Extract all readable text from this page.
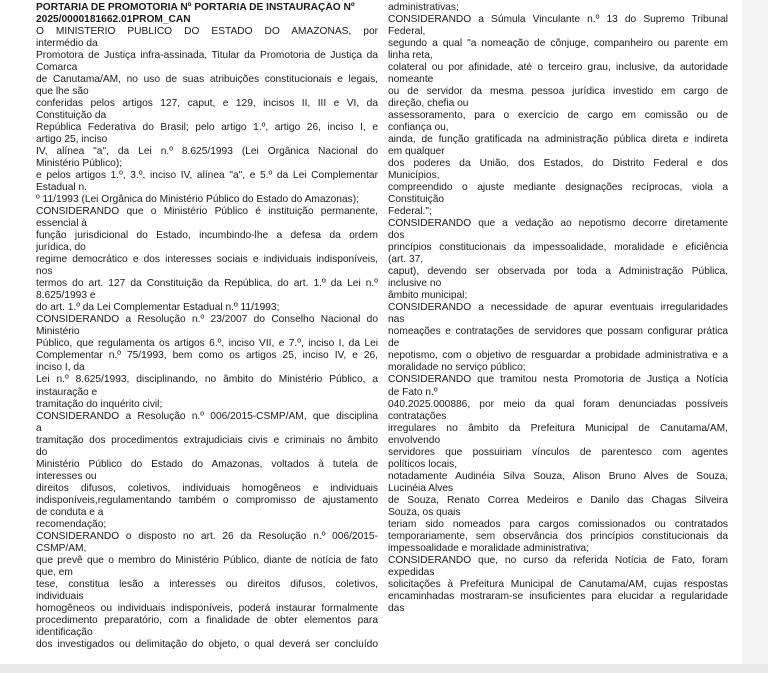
PORTARIA DE PROMOTORIA Nº PORTARIA DE INSTAURAÇÃO Nº
2025/0000181662.01PROM_CAN
O MINISTÉRIO PÚBLICO DO ESTADO DO AMAZONAS, por
intermédio da
Promotora de Justiça infra-assinada, Titular da Promotoria de Justiça da
Comarca
de Canutama/AM, no uso de suas atribuições constitucionais e legais,
que lhe são
conferidas pelos artigos 127, caput, e 129, incisos II, III e VI, da
Constituição da
República Federativa do Brasil; pelo artigo 1.º, artigo 26, inciso I, e
artigo 25, inciso
IV, alínea "a", da Lei n.º 8.625/1993 (Lei Orgânica Nacional do
Ministério Público);
e pelos artigos 1.º, 3.º, inciso IV, alínea "a", e 5.º da Lei Complementar
Estadual n.
º 11/1993 (Lei Orgânica do Ministério Público do Estado do Amazonas);
CONSIDERANDO que o Ministério Público é instituição permanente,
essencial à
função jurisdicional do Estado, incumbindo-lhe a defesa da ordem
jurídica, do
regime democrático e dos interesses sociais e individuais indisponíveis,
nos
termos do art. 127 da Constituição da República, do art. 1.º da Lei n.º
8.625/1993 e
do art. 1.º da Lei Complementar Estadual n.º 11/1993;
CONSIDERANDO a Resolução n.º 23/2007 do Conselho Nacional do
Ministério
Público, que regulamenta os artigos 6.º, inciso VII, e 7.º, inciso I, da Lei
Complementar n.º 75/1993, bem como os artigos 25, inciso IV, e 26,
inciso I, da
Lei n.º 8.625/1993, disciplinando, no âmbito do Ministério Público, a
instauração e
tramitação do inquérito civil;
CONSIDERANDO a Resolução n.º 006/2015-CSMP/AM, que disciplina
a
tramitação dos procedimentos extrajudiciais civis e criminais no âmbito
do
Ministério Público do Estado do Amazonas, voltados à tutela de
interesses ou
direitos difusos, coletivos, individuais homogêneos e individuais
indisponíveis,regulamentando também o compromisso de ajustamento
de conduta e a
recomendação;
CONSIDERANDO o disposto no art. 26 da Resolução n.º 006/2015-
CSMP/AM,
que prevê que o membro do Ministério Público, diante de notícia de fato
que, em
tese, constitua lesão a interesses ou direitos difusos, coletivos,
individuais
homogêneos ou individuais indisponíveis, poderá instaurar formalmente
procedimento preparatório, com a finalidade de obter elementos para
identificação
dos investigados ou delimitação do objeto, o qual deverá ser concluído
administrativas;
CONSIDERANDO a Súmula Vinculante n.º 13 do Supremo Tribunal
Federal,
segundo a qual "a nomeação de cônjuge, companheiro ou parente em
linha reta,
colateral ou por afinidade, até o terceiro grau, inclusive, da autoridade
nomeante
ou de servidor da mesma pessoa jurídica investido em cargo de
direção, chefia ou
assessoramento, para o exercício de cargo em comissão ou de
confiança ou,
ainda, de função gratificada na administração pública direta e indireta
em qualquer
dos poderes da União, dos Estados, do Distrito Federal e dos
Municípios,
compreendido o ajuste mediante designações recíprocas, viola a
Constituição
Federal.";
CONSIDERANDO que a vedação ao nepotismo decorre diretamente
dos
princípios constitucionais da impessoalidade, moralidade e eficiência
(art. 37,
caput), devendo ser observada por toda a Administração Pública,
inclusive no
âmbito municipal;
CONSIDERANDO a necessidade de apurar eventuais irregularidades
nas
nomeações e contratações de servidores que possam configurar prática
de
nepotismo, com o objetivo de resguardar a probidade administrativa e a
moralidade no serviço público;
CONSIDERANDO que tramitou nesta Promotoria de Justiça a Notícia
de Fato n.º
040.2025.000886, por meio da qual foram denunciadas possíveis
contratações
irregulares no âmbito da Prefeitura Municipal de Canutama/AM,
envolvendo
servidores que possuiriam vínculos de parentesco com agentes
políticos locais,
notadamente Audinéia Silva Souza, Alison Bruno Alves de Souza,
Lucinéia Alves
de Souza, Renato Correa Medeiros e Danilo das Chagas Silveira
Souza, os quais
teriam sido nomeados para cargos comissionados ou contratados
temporariamente, sem observância dos princípios constitucionais da
impessoalidade e moralidade administrativa;
CONSIDERANDO que, no curso da referida Notícia de Fato, foram
expedidas
solicitações à Prefeitura Municipal de Canutama/AM, cujas respostas
encaminhadas mostraram-se insuficientes para elucidar a regularidade
das
